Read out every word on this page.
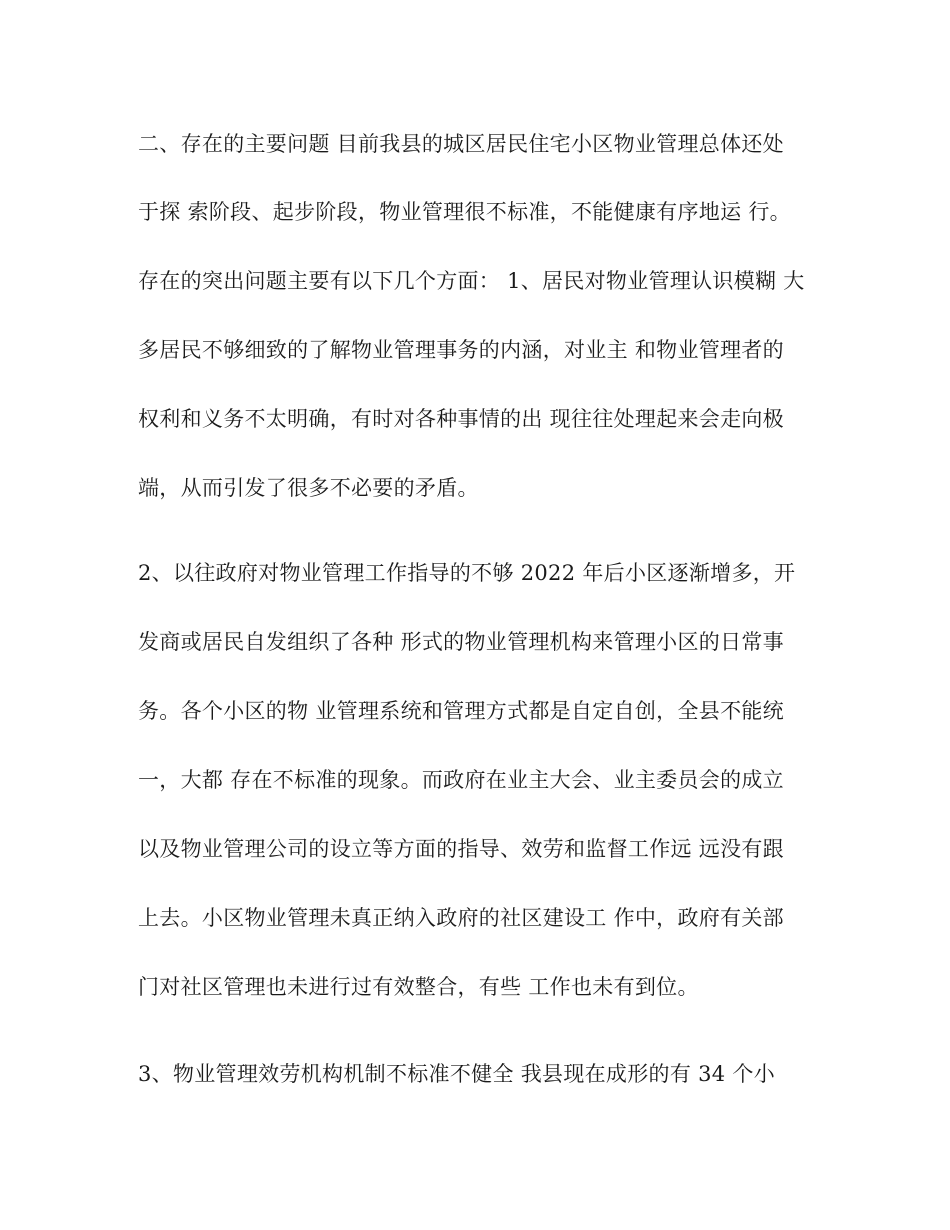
二、存在的主要问题 目前我县的城区居民住宅小区物业管理总体还处
于探 索阶段、起步阶段，物业管理很不标准，不能健康有序地运 行。
存在的突出问题主要有以下几个方面： 1、居民对物业管理认识模糊 大
多居民不够细致的了解物业管理事务的内涵，对业主 和物业管理者的
权利和义务不太明确，有时对各种事情的出 现往往处理起来会走向极
端，从而引发了很多不必要的矛盾。
2、以往政府对物业管理工作指导的不够 2022 年后小区逐渐增多，开
发商或居民自发组织了各种 形式的物业管理机构来管理小区的日常事
务。各个小区的物 业管理系统和管理方式都是自定自创，全县不能统
一，大都 存在不标准的现象。而政府在业主大会、业主委员会的成立
以及物业管理公司的设立等方面的指导、效劳和监督工作远 远没有跟
上去。小区物业管理未真正纳入政府的社区建设工 作中，政府有关部
门对社区管理也未进行过有效整合，有些 工作也未有到位。
3、物业管理效劳机构机制不标准不健全 我县现在成形的有 34 个小
